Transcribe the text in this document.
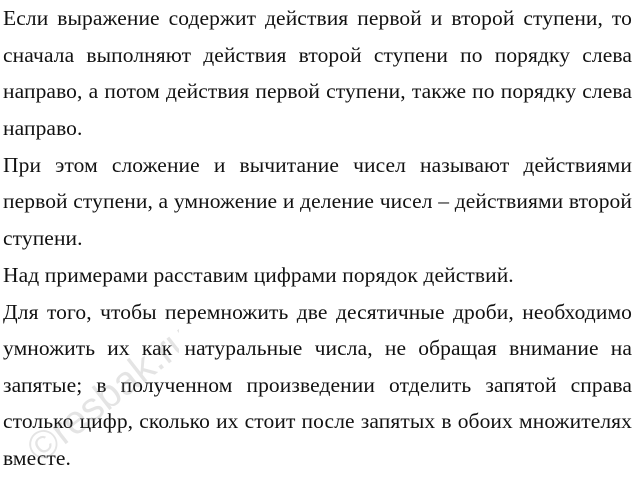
Если выражение содержит действия первой и второй ступени, то сначала выполняют действия второй ступени по порядку слева направо, а потом действия первой ступени, также по порядку слева направо.

При этом сложение и вычитание чисел называют действиями первой ступени, а умножение и деление чисел – действиями второй ступени.

Над примерами расставим цифрами порядок действий.

Для того, чтобы перемножить две десятичные дроби, необходимо умножить их как натуральные числа, не обращая внимание на запятые; в полученном произведении отделить запятой справа столько цифр, сколько их стоит после запятых в обоих множителях вместе.

©resbak.ru
